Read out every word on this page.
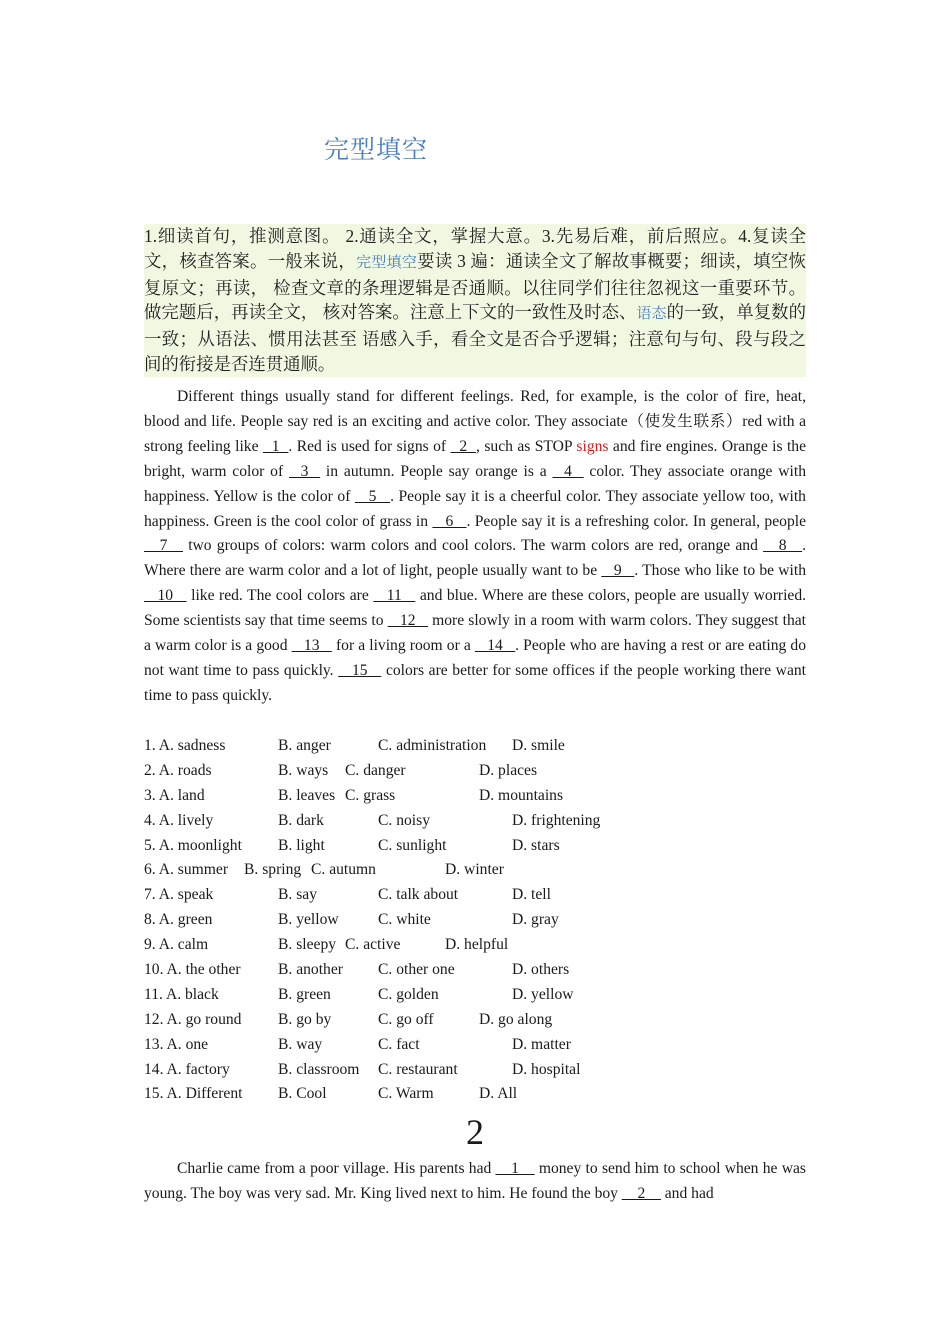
完型填空
1.细读首句，推测意图。 2.通读全文，掌握大意。3.先易后难，前后照应。4.复读全文，核查答案。一般来说，完型填空要读 3 遍：通读全文了解故事概要；细读，填空恢复原文；再读， 检查文章的条理逻辑是否通顺。以往同学们往往忽视这一重要环节。做完题后，再读全文， 核对答案。注意上下文的一致性及时态、语态的一致，单复数的一致；从语法、惯用法甚至 语感入手，看全文是否合乎逻辑；注意句与句、段与段之间的衔接是否连贯通顺。

Different things usually stand for different feelings. Red, for example, is the color of fire, heat, blood and life. People say red is an exciting and active color. They associate（使发生联系）red with a strong feeling like   1  . Red is used for signs of   2  , such as STOP signs and fire engines. Orange is the bright, warm color of   3   in autumn. People say orange is a   4   color. They associate orange with happiness. Yellow is the color of    5   . People say it is a cheerful color. They associate yellow too, with happiness. Green is the cool color of grass in    6   . People say it is a refreshing color. In general, people    7    two groups of colors: warm colors and cool colors. The warm colors are red, orange and    8   . Where there are warm color and a lot of light, people usually want to be    9   . Those who like to be with    10    like red. The cool colors are    11    and blue. Where are these colors, people are usually worried. Some scientists say that time seems to    12    more slowly in a room with warm colors. They suggest that a warm color is a good    13    for a living room or a    14   . People who are having a rest or are eating do not want time to pass quickly.    15    colors are better for some offices if the people working there want time to pass quickly.

1. A. sadness	B. anger	C. administration D. smile
2. A. roads	B. ways C. danger	D. places
3. A. land	B. leaves C. grass	D. mountains
4. A. lively	B. dark	C. noisy	D. frightening
5. A. moonlight B. light	C. sunlight	D. stars
6. A. summer B. spring C. autumn	D. winter
7. A. speak	B. say	C. talk about	D. tell
8. A. green	B. yellow	C. white	D. gray
9. A. calm	B. sleepy C. active	D. helpful
10. A. the other B. another C. other one	D. others
11. A. black	B. green	C. golden	D. yellow
12. A. go round B. go by	C. go off	D. go along
13. A. one	B. way	C. fact	D. matter
14. A. factory	B. classroom C. restaurant	D. hospital
15. A. Different B. Cool	C. Warm	D. All
2

Charlie came from a poor village. His parents had __1__ money to send him to school when he was young. The boy was very sad. Mr. King lived next to him. He found the boy __2__ and had
